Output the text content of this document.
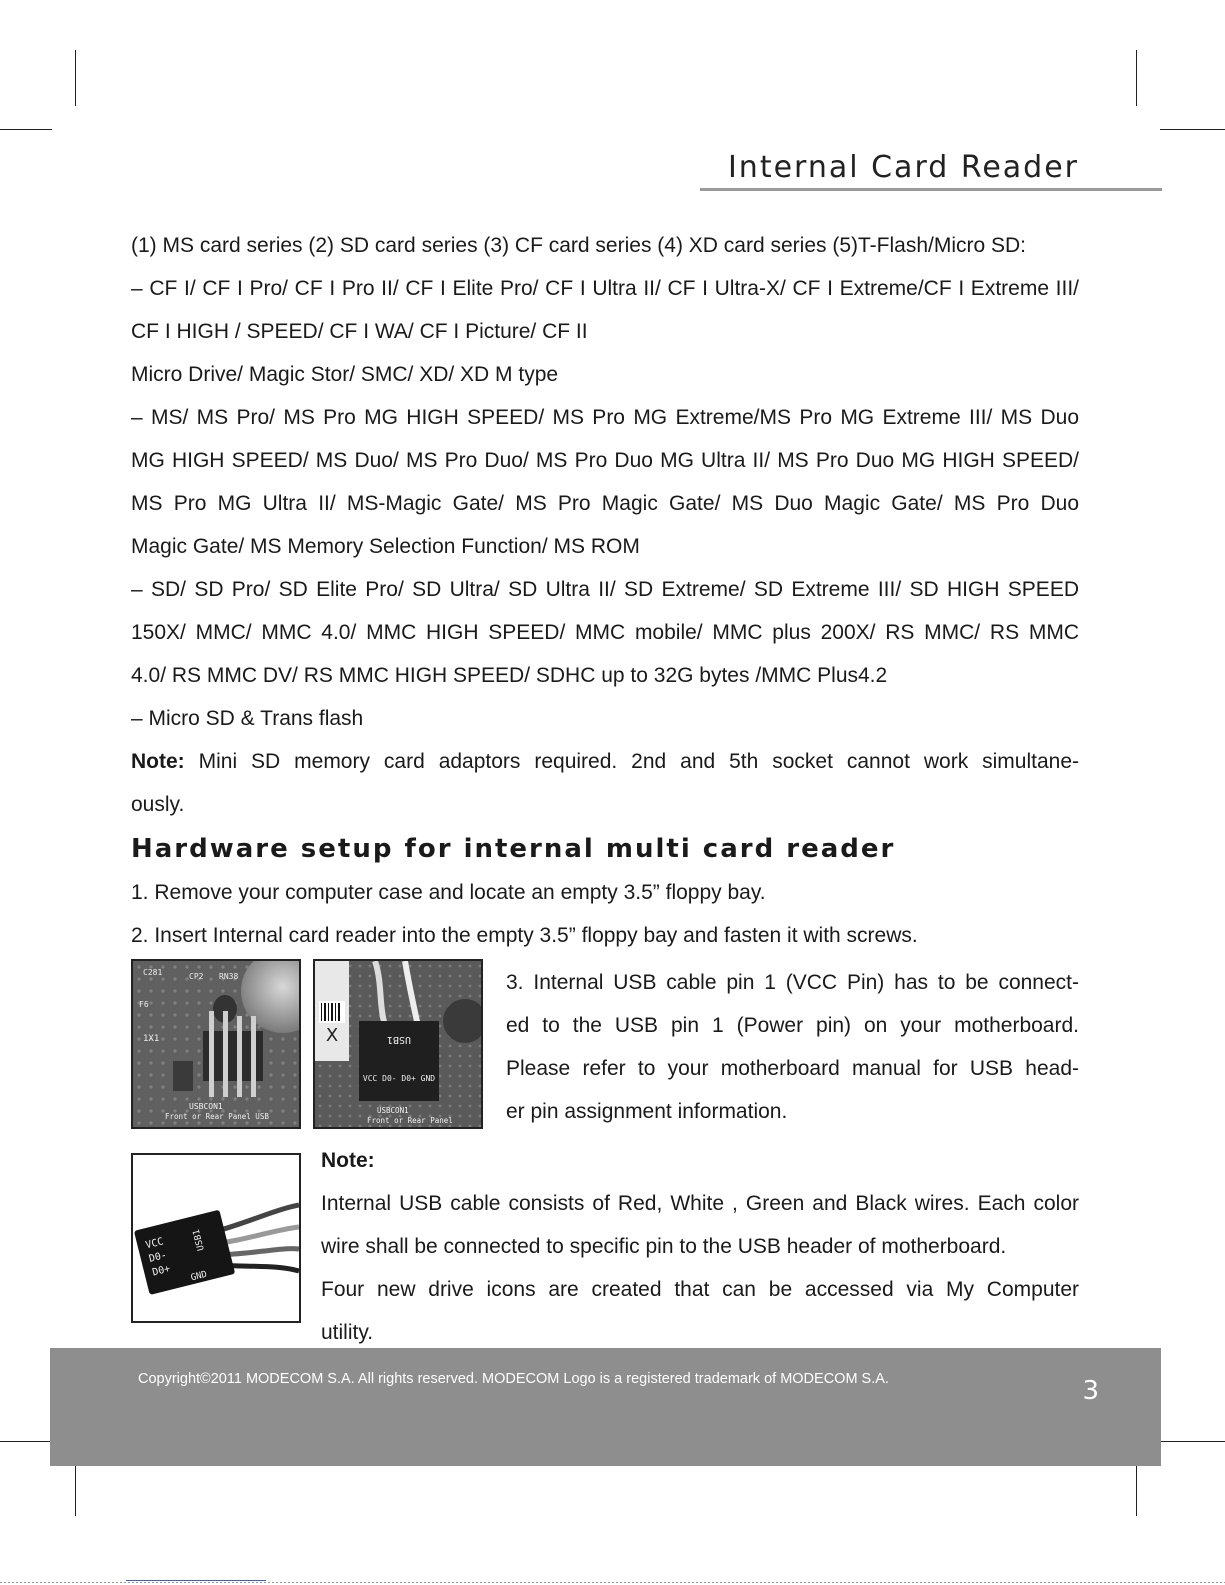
Internal Card Reader
(1) MS card series (2) SD card series (3) CF card series (4) XD card series (5)T-Flash/Micro SD:
– CF I/ CF I Pro/ CF I Pro II/ CF I Elite Pro/ CF I Ultra II/ CF I Ultra-X/ CF I Extreme/CF I Extreme III/
CF I HIGH / SPEED/ CF I WA/ CF I Picture/ CF II
Micro Drive/ Magic Stor/ SMC/ XD/ XD M type
– MS/ MS Pro/ MS Pro MG HIGH SPEED/ MS Pro MG Extreme/MS Pro MG Extreme III/ MS Duo
MG HIGH SPEED/ MS Duo/ MS Pro Duo/ MS Pro Duo MG Ultra II/ MS Pro Duo MG HIGH SPEED/
MS Pro MG Ultra II/ MS-Magic Gate/ MS Pro Magic Gate/ MS Duo Magic Gate/ MS Pro Duo
Magic Gate/ MS Memory Selection Function/ MS ROM
– SD/ SD Pro/ SD Elite Pro/ SD Ultra/ SD Ultra II/ SD Extreme/ SD Extreme III/ SD HIGH SPEED
150X/ MMC/ MMC 4.0/ MMC HIGH SPEED/ MMC mobile/ MMC plus 200X/ RS MMC/ RS MMC
4.0/ RS MMC DV/ RS MMC HIGH SPEED/ SDHC up to 32G bytes /MMC Plus4.2
– Micro SD & Trans flash
Note: Mini SD memory card adaptors required. 2nd and 5th socket cannot work simultane-
ously.
Hardware setup for internal multi card reader
1. Remove your computer case and locate an empty 3.5” floppy bay.
2. Insert Internal card reader into the empty 3.5” floppy bay and fasten it with screws.
C281	CP2 RN38
F6
1X1
USBCON1
Front or Rear Panel USB
X	USB1
VCC D0- D0+ GND
USBCON1
Front or Rear Panel
3. Internal USB cable pin 1 (VCC Pin) has to be connect-
ed to the USB pin 1 (Power pin) on your motherboard.
Please refer to your motherboard manual for USB head-
er pin assignment information.
VCC
D0-
D0+
USB1
GND
Note:
Internal USB cable consists of Red, White , Green and Black wires. Each color
wire shall be connected to specific pin to the USB header of motherboard.
Four new drive icons are created that can be accessed via My Computer
utility.
Copyright©2011 MODECOM S.A. All rights reserved. MODECOM Logo is a registered trademark of MODECOM S.A.	3
